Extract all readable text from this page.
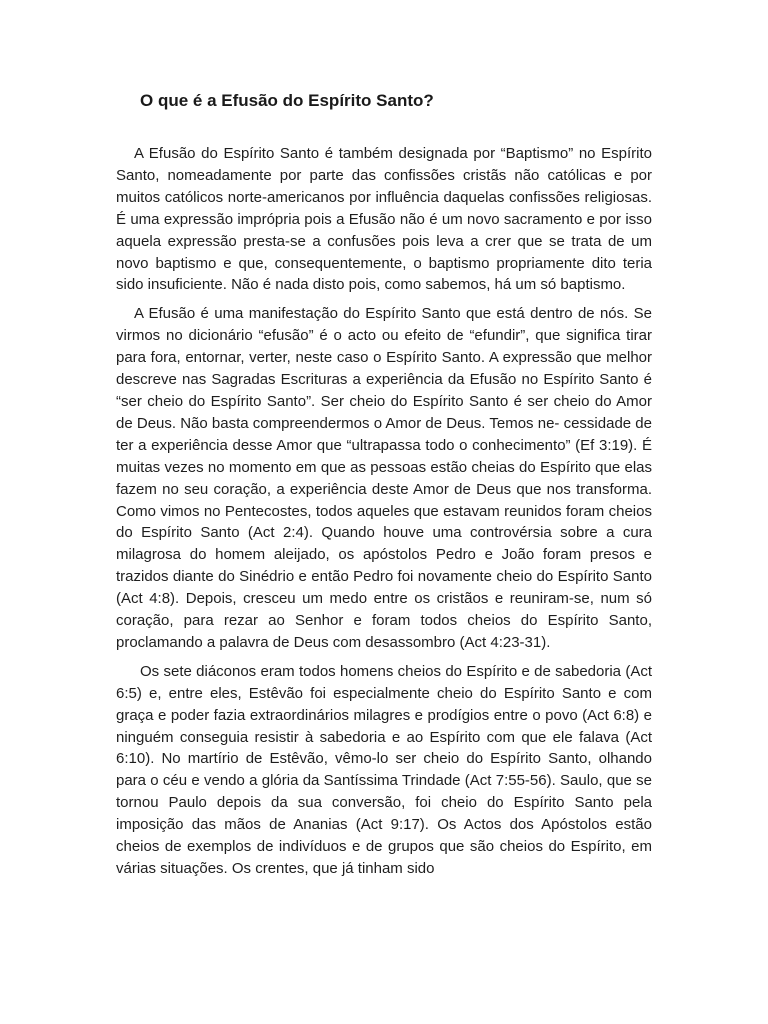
O que é a Efusão do Espírito Santo?

A Efusão do Espírito Santo é também designada por “Baptismo” no Espírito Santo, nomeadamente por parte das confissões cristãs não católicas e por muitos católicos norte-americanos por influência daquelas confissões religiosas. É uma expressão imprópria pois a Efusão não é um novo sacramento e por isso aquela expressão presta-se a confusões pois leva a crer que se trata de um novo baptismo e que, consequentemente, o baptismo propriamente dito teria sido insuficiente. Não é nada disto pois, como sabemos, há um só baptismo.

A Efusão é uma manifestação do Espírito Santo que está dentro de nós. Se virmos no dicionário “efusão” é o acto ou efeito de “efundir”, que significa tirar para fora, entornar, verter, neste caso o Espírito Santo. A expressão que melhor descreve nas Sagradas Escrituras a experiência da Efusão no Espírito Santo é “ser cheio do Espírito Santo”. Ser cheio do Espírito Santo é ser cheio do Amor de Deus. Não basta compreendermos o Amor de Deus. Temos ne- cessidade de ter a experiência desse Amor que “ultrapassa todo o conhecimento” (Ef 3:19). É muitas vezes no momento em que as pessoas estão cheias do Espírito que elas fazem no seu coração, a experiência deste Amor de Deus que nos transforma. Como vimos no Pentecostes, todos aqueles que estavam reunidos foram cheios do Espírito Santo (Act 2:4). Quando houve uma controvérsia sobre a cura milagrosa do homem aleijado, os apóstolos Pedro e João foram presos e trazidos diante do Sinédrio e então Pedro foi novamente cheio do Espírito Santo (Act 4:8). Depois, cresceu um medo entre os cristãos e reuniram-se, num só coração, para rezar ao Senhor e foram todos cheios do Espírito Santo, proclamando a palavra de Deus com desassombro (Act 4:23-31).

Os sete diáconos eram todos homens cheios do Espírito e de sabedoria (Act 6:5) e, entre eles, Estêvão foi especialmente cheio do Espírito Santo e com graça e poder fazia extraordinários milagres e prodígios entre o povo (Act 6:8) e ninguém conseguia resistir à sabedoria e ao Espírito com que ele falava (Act 6:10). No martírio de Estêvão, vêmo-lo ser cheio do Espírito Santo, olhando para o céu e vendo a glória da Santíssima Trindade (Act 7:55-56). Saulo, que se tornou Paulo depois da sua conversão, foi cheio do Espírito Santo pela imposição das mãos de Ananias (Act 9:17). Os Actos dos Apóstolos estão cheios de exemplos de indivíduos e de grupos que são cheios do Espírito, em várias situações. Os crentes, que já tinham sido
